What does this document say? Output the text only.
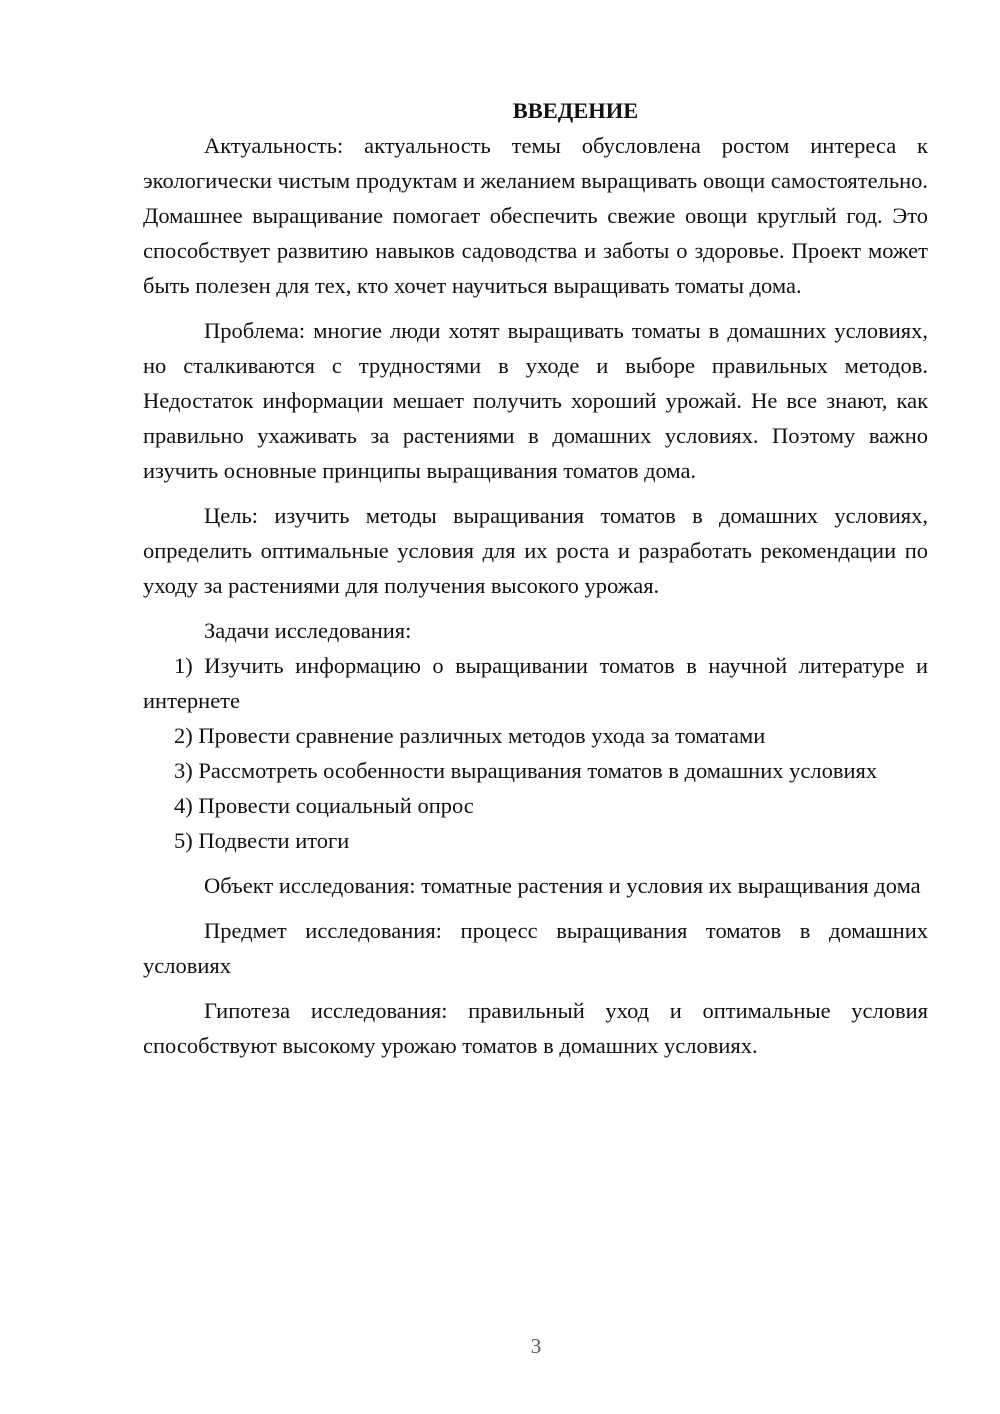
ВВЕДЕНИЕ

Актуальность: актуальность темы обусловлена ростом интереса к экологически чистым продуктам и желанием выращивать овощи самостоятельно. Домашнее выращивание помогает обеспечить свежие овощи круглый год. Это способствует развитию навыков садоводства и заботы о здоровье. Проект может быть полезен для тех, кто хочет научиться выращивать томаты дома.

Проблема: многие люди хотят выращивать томаты в домашних условиях, но сталкиваются с трудностями в уходе и выборе правильных методов. Недостаток информации мешает получить хороший урожай. Не все знают, как правильно ухаживать за растениями в домашних условиях. Поэтому важно изучить основные принципы выращивания томатов дома.

Цель: изучить методы выращивания томатов в домашних условиях, определить оптимальные условия для их роста и разработать рекомендации по уходу за растениями для получения высокого урожая.

Задачи исследования:

1) Изучить информацию о выращивании томатов в научной литературе и интернете

2) Провести сравнение различных методов ухода за томатами

3) Рассмотреть особенности выращивания томатов в домашних условиях

4) Провести социальный опрос

5) Подвести итоги

Объект исследования: томатные растения и условия их выращивания дома

Предмет исследования: процесс выращивания томатов в домашних условиях

Гипотеза исследования: правильный уход и оптимальные условия способствуют высокому урожаю томатов в домашних условиях.

3
